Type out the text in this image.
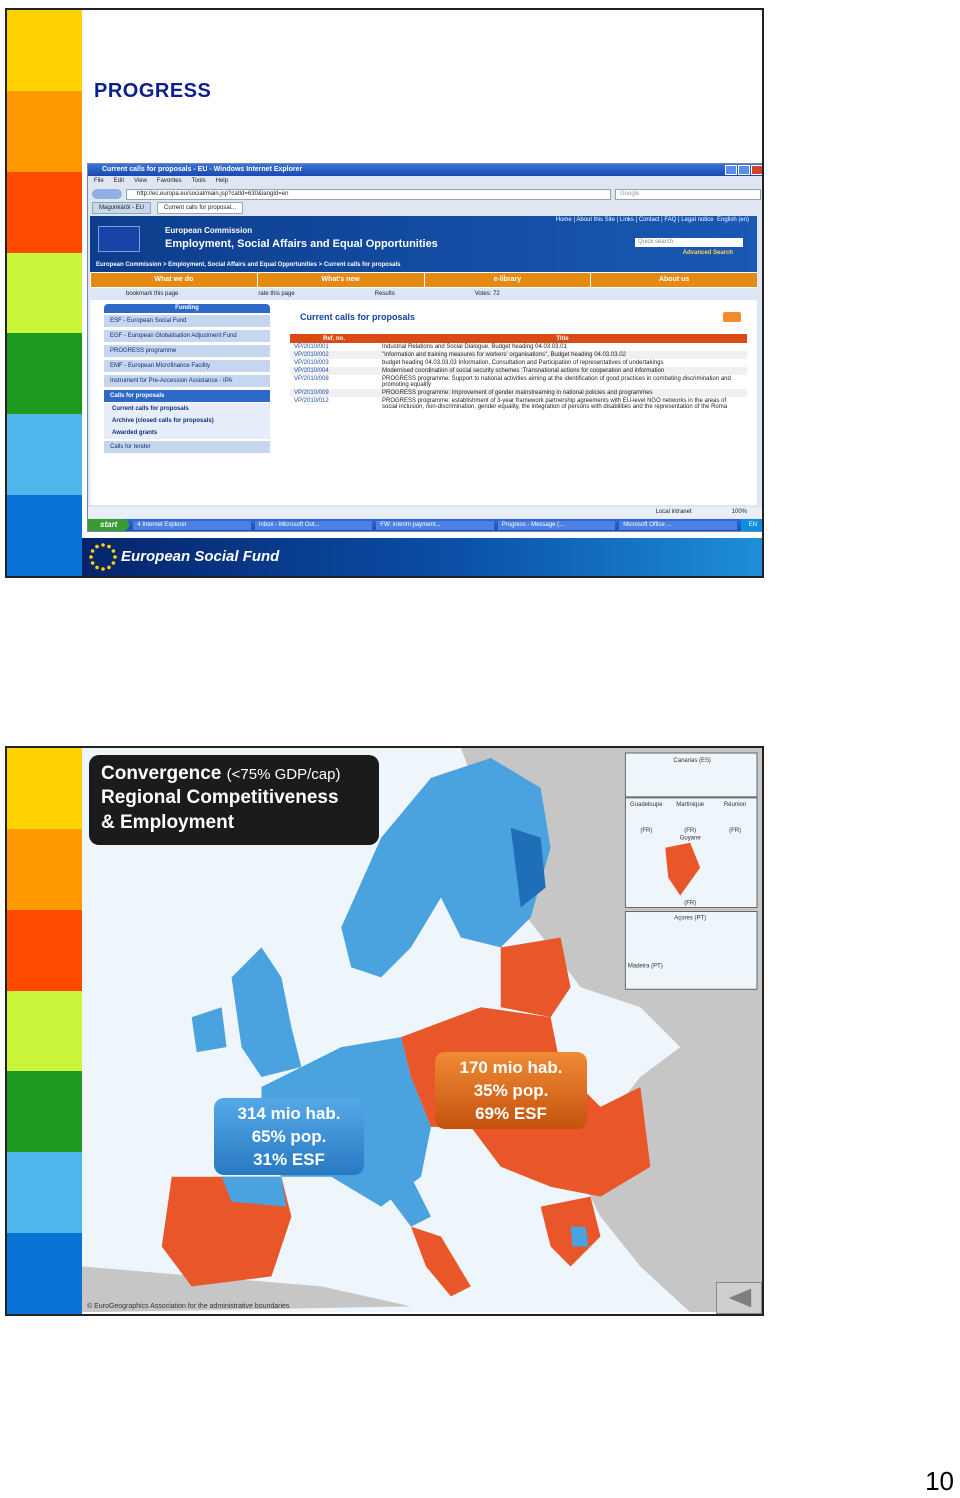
PROGRESS
Current calls for proposals - EU - Windows Internet Explorer
File Edit View Favorites Tools Help
http://ec.europa.eu/social/main.jsp?catId=630&langId=en	Google
Magunkáról - EU	Current calls for proposal...
European Commission
Employment, Social Affairs and Equal Opportunities
Home | About this Site | Links | Contact | FAQ | Legal notice English (en)
Quick search
Advanced Search
European Commission > Employment, Social Affairs and Equal Opportunities > Current calls for proposals
What we do	What's new	e-library	About us
bookmark this page	rate this page	Results	Votes: 72
Funding
ESF - European Social Fund
EGF - European Globalisation Adjustment Fund
PROGRESS programme
EMF - European Microfinance Facility
Instrument for Pre-Accession Assistance - IPA
Calls for proposals
Current calls for proposals
Archive (closed calls for proposals)
Awarded grants
Calls for tender
Current calls for proposals
Ref. no.	Title
VP/2010/001	Industrial Relations and Social Dialogue, Budget heading 04.03.03.01
VP/2010/002	"Information and training measures for workers' organisations", Budget heading 04.03.03.02
VP/2010/003	budget heading 04.03.03.03 Information, Consultation and Participation of representatives of undertakings
VP/2010/004	Modernised coordination of social security schemes :Transnational actions for cooperation and information
VP/2010/008	PROGRESS programme: Support to national activities aiming at the identification of good practices in combating discrimination and promoting equality
VP/2010/009	PROGRESS programme: Improvement of gender mainstreaming in national policies and programmes
VP/2010/012	PROGRESS programme: establishment of 3-year framework partnership agreements with EU-level NGO networks in the areas of social inclusion, non-discrimination, gender equality, the integration of persons with disabilities and the representation of the Roma
Local intranet	100%
start	4 Internet Explorer	Inbox - Microsoft Out...	FW: interim payment...	Progress - Message (...	Microsoft Office ...	EN
European Social Fund
Canarias (ES)
Guadeloupe Martinique	Réunion
(FR)	(FR)	(FR)
Guyane
(FR)
Açores (PT)
Madeira (PT)
Convergence (<75% GDP/cap)
Regional Competitiveness
& Employment
314 mio hab.
65% pop.
31% ESF
170 mio hab.
35% pop.
69% ESF
© EuroGeographics Association for the administrative boundaries
10
